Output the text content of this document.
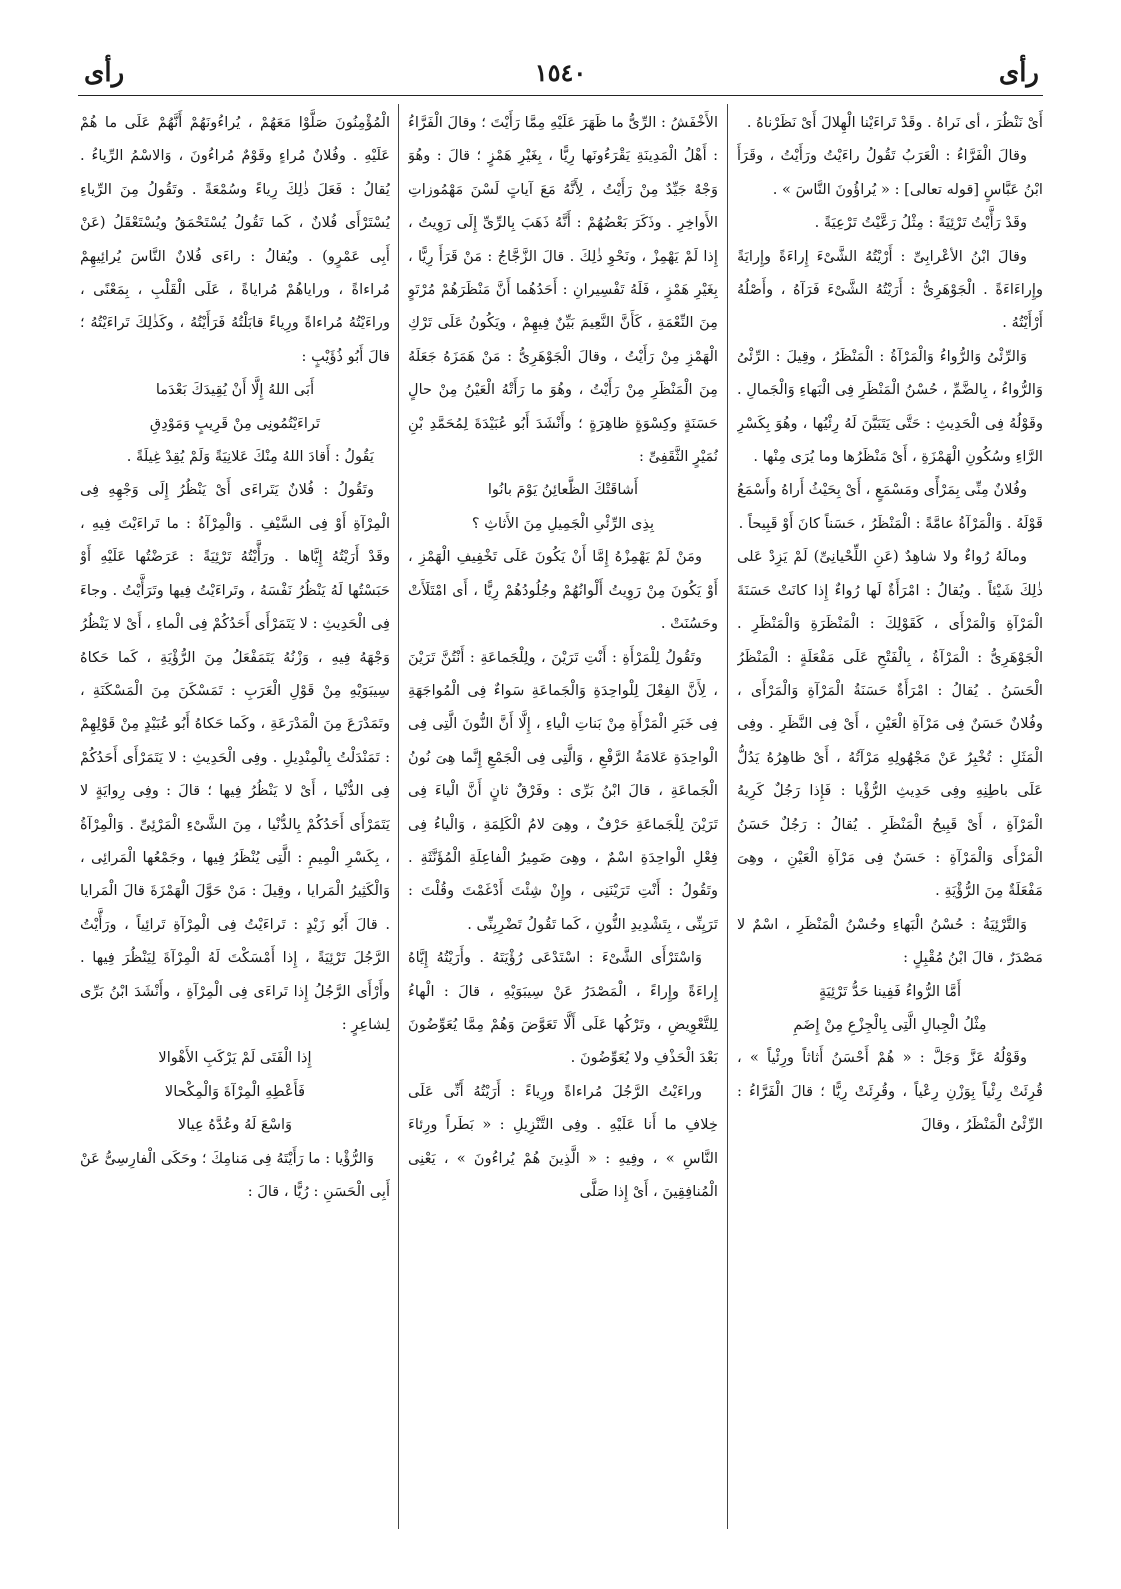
رأى	١٥٤٠	رأى

أَىْ نَنْظُرَ ، أى نَراهُ . وقَدْ تَراءَيْنا الْهِلالَ أَىْ نَظَرْناهُ .

وقالَ الْفَرَّاءُ : الْعَرَبُ تَقُولُ راءَيْتُ ورَأَيْتُ ، وقَرَأَ ابْنُ عَبَّاسٍ [قوله تعالى] : « يُراؤُونَ النَّاسَ » .

وقَدْ رَأَّيْتُ تَرْئِيَةً : مِثْلُ رَعَّيْتُ تَرْعِيَةً .

وقالَ ابْنُ الأعْرابِىِّ : أَرْيْتُهُ الشَّىْءَ إِراءَةً وإِرايَةً وإِراءَاءَةً . الْجَوْهَرِىُّ : أَرَيْتُهُ الشَّىْءَ فَرَآهُ ، وأَصْلُهُ أَرْأَيْتُهُ .

وَالرِّئْىُ وَالرُّواءُ وَالْمَرْآةُ : الْمَنْظَرُ ، وقِيلَ : الرِّئْىُ وَالرُّواءُ ، بِالضَّمِّ ، حُسْنُ الْمَنْظَرِ فِى الْبَهاءِ وَالْجَمالِ . وقَوْلُهُ فِى الْحَدِيثِ : حَتَّى يَتَبَيَّنَ لَهُ رِئْيُها ، وهُوَ بِكَسْرِ الرَّاءِ وسُكُونِ الْهَمْزَةِ ، أَىْ مَنْظَرُها وما يُرَى مِنْها .

وفُلانٌ مِنِّى بِمَرْأًى ومَسْمَعٍ ، أَىْ بِحَيْثُ أَراهُ وأَسْمَعُ قَوْلَهُ . وَالْمَرْآةُ عامَّةً : الْمَنْظَرُ ، حَسَناً كانَ أَوْ قَبِيحاً .

ومالَهُ رُواءٌ ولا شاهِدٌ (عَنِ اللِّحْيانِىِّ) لَمْ يَزِدْ عَلى ذٰلِكَ شَيْئاً . ويُقالُ : امْرَأَةٌ لَها رُواءٌ إِذا كانَتْ حَسَنَةَ الْمَرْآةِ وَالْمَرْأَى ، كَقَوْلِكَ : الْمَنْظَرَةِ وَالْمَنْظَرِ . الْجَوْهَرِىُّ : الْمَرْآةُ ، بِالْفَتْحِ عَلَى مَفْعَلَةٍ : الْمَنْظَرُ الْحَسَنُ . يُقالُ : امْرَأَةٌ حَسَنَةُ الْمَرْآةِ وَالْمَرْأَى ، وفُلانٌ حَسَنٌ فِى مَرْآةِ الْعَيْنِ ، أَىْ فِى النَّظَرِ . وفِى الْمَثَلِ : تُخْبِرُ عَنْ مَجْهُولِهِ مَرْآتُهُ ، أَىْ ظاهِرُهُ يَدُلُّ عَلَى باطِنِهِ وفِى حَدِيثِ الرُّؤْيا : فَإِذا رَجُلٌ كَرِيهُ الْمَرْآةِ ، أَىْ قَبِيحُ الْمَنْظَرِ . يُقالُ : رَجُلٌ حَسَنُ الْمَرْأَى وَالْمَرْآةِ : حَسَنٌ فِى مَرْآةِ الْعَيْنِ ، وهِىَ مَفْعَلَةٌ مِنَ الرُّؤْيَةِ .

وَالتَّرْئِيَةُ : حُسْنُ الْبَهاءِ وحُسْنُ الْمَنْظَرِ ، اسْمٌ لا مَصْدَرٌ ، قالَ ابْنُ مُقْبِلٍ :

أَمَّا الرُّواءُ فَفِينا حَدُّ تَرْئِيَةٍ

مِثْلُ الْجِبالِ الَّتِى بِالْجِزْعِ مِنْ إِضَمِ

وقَوْلُهُ عَزَّ وَجَلَّ : « هُمْ أَحْسَنُ أَثاثاً ورِئْياً » ، قُرِئَتْ رِئْياً بِوَزْنِ رِعْياً ، وقُرِئَتْ رِيًّا ؛ قالَ الْفَرَّاءُ : الرِّئْىُ الْمَنْظَرُ ، وقالَ

الأَخْفَشُ : الرِّىُّ ما ظَهَرَ عَلَيْهِ مِمَّا رَأَيْتَ ؛ وقالَ الْفَرَّاءُ : أَهْلُ الْمَدِينَةِ يَقْرَءُونَها رِيًّا ، بِغَيْرِ هَمْزٍ ؛ قالَ : وهُوَ وَجْهٌ جَيِّدٌ مِنْ رَأَيْتُ ، لِأَنَّهُ مَعَ آياتٍ لَسْنَ مَهْمُوزاتِ الأَواخِرِ . وذَكَرَ بَعْضُهُمْ : أَنَّهُ ذَهَبَ بِالرِّىِّ إِلَى رَوِيتُ ، إِذا لَمْ يَهْمِزْ ، ونَحْوِ ذٰلِكَ . قالَ الزَّجَّاجُ : مَنْ قَرَأَ رِيًّا ، بِغَيْرِ هَمْزٍ ، فَلَهُ تَفْسِيرانِ : أَحَدُهُما أَنَّ مَنْظَرَهُمْ مُرْتَوٍ مِنَ النِّعْمَةِ ، كَأَنَّ النَّعِيمَ بَيِّنٌ فِيهِمْ ، ويَكُونُ عَلَى تَرْكِ الْهَمْزِ مِنْ رَأَيْتُ ، وقالَ الْجَوْهَرِىُّ : مَنْ هَمَزَهُ جَعَلَهُ مِنَ الْمَنْظَرِ مِنْ رَأَيْتُ ، وهُوَ ما رَأَتْهُ الْعَيْنُ مِنْ حالٍ حَسَنَةٍ وكِسْوَةٍ ظاهِرَةٍ ؛ وأَنْشَدَ أَبُو عُبَيْدَةَ لِمُحَمَّدِ بْنِ نُمَيْرٍ الثَّقَفِىِّ :

أَشاقَتْكَ الظَّعائِنُ يَوْمَ بانُوا

بِذِى الرِّئْىِ الْجَمِيلِ مِنَ الأَثاثِ ؟

ومَنْ لَمْ يَهْمِزْهُ إِمَّا أَنْ يَكُونَ عَلَى تَخْفِيفِ الْهَمْزِ ، أَوْ يَكُونَ مِنْ رَوِيتُ أَلْوانُهُمْ وجُلُودُهُمْ رِيًّا ، أَى امْتَلَأَتْ وحَسُنَتْ .

وتَقُولُ لِلْمَرْأَةِ : أَنْتِ تَرَيْنَ ، ولِلْجَماعَةِ : أَنْتُنَّ تَرَيْنَ ، لِأَنَّ الفِعْلَ لِلْواحِدَةِ وَالْجَماعَةِ سَواءٌ فِى الْمُواجَهَةِ فِى خَبَرِ الْمَرْأَةِ مِنْ بَناتِ الْياءِ ، إِلَّا أَنَّ النُّونَ الَّتِى فِى الْواحِدَةِ عَلامَةُ الرَّفْعِ ، وَالَّتِى فِى الْجَمْعِ إِنَّما هِىَ نُونُ الْجَماعَةِ ، قالَ ابْنُ بَرِّى : وفَرْقٌ ثانٍ أَنَّ الْياءَ فِى تَرَيْنَ لِلْجَماعَةِ حَرْفٌ ، وهِىَ لامُ الْكَلِمَةِ ، وَالْياءُ فِى فِعْلِ الْواحِدَةِ اسْمٌ ، وهِىَ ضَمِيرُ الْفاعِلَةِ الْمُؤَنَّثَةِ . وتَقُولُ : أَنْتِ تَرَيْنَنِى ، وإِنْ شِئْتَ أَدْغَمْتَ وقُلْتَ : تَرَيِنِّى ، بِتَشْدِيدِ النُّونِ ، كَما تَقُولُ تَضْرِبِنِّى .

وَاسْتَرْأَى الشَّىْءَ : اسْتَدْعَى رُؤْيَتَهُ . وأَرَيْتُهُ إِيَّاهُ إِراءَةً وإِراءً ، الْمَصْدَرُ عَنْ سِيبَوَيْهِ ، قالَ : الْهاءُ لِلتَّعْوِيضِ ، وتَرْكُها عَلَى أَلَّا تَعَوَّضَ وَهُمْ مِمَّا يُعَوِّضُونَ بَعْدَ الْحَذْفِ ولا يُعَوِّضُونَ .

وراءَيْتُ الرَّجُلَ مُراءاةً ورِياءً : أَرَيْتُهُ أَنِّى عَلَى خِلافِ ما أَنا عَلَيْهِ . وفِى التَّنْزِيلِ : « بَطَراً ورِئاءَ النَّاسِ » ، وفِيهِ : « الَّذِينَ هُمْ يُراءُونَ » ، يَعْنِى الْمُنافِقِينَ ، أَىْ إِذا صَلَّى

الْمُؤْمِنُونَ صَلَّوْا مَعَهُمْ ، يُراءُونَهُمْ أَنَّهُمْ عَلَى ما هُمْ عَلَيْهِ . وفُلانٌ مُراءٍ وقَوْمٌ مُراءُونَ ، وَالاسْمُ الرِّياءُ . يُقالُ : فَعَلَ ذٰلِكَ رِياءً وسُمْعَةً . وتَقُولُ مِنَ الرِّياءِ يُسْتَرْأَى فُلانٌ ، كَما تَقُولُ يُسْتَحْمَقُ ويُسْتَعْقَلُ (عَنْ أَبِى عَمْرٍو) . ويُقالُ : راءَى فُلانٌ النَّاسَ يُرائِيهِمْ مُراءاةً ، وراياهُمْ مُراياةً ، عَلَى الْقَلْبِ ، بِمَعْنًى ، وراءَيْتُهُ مُراءاةً ورِياءً قابَلْتُهُ فَرَأَيْتُهُ ، وكَذٰلِكَ تَراءَيْتُهُ ؛ قالَ أَبُو ذُؤَيْبٍ :

أَبَى اللهُ إِلَّا أَنْ يُقِيدَكَ بَعْدَما

تَراءَيْتُمُونِى مِنْ قَرِيبٍ وَمَوْدِقِ

يَقُولُ : أَقادَ اللهُ مِنْكَ عَلانِيَةً وَلَمْ يُقِدْ غِيلَةً .

وتَقُولُ : فُلانٌ يَتَراءَى أَىْ يَنْظُرُ إِلَى وَجْهِهِ فِى الْمِرْآةِ أَوْ فِى السَّيْفِ . وَالْمِرْآةُ : ما تَراءَيْتَ فِيهِ ، وقَدْ أَرَيْتُهُ إِيَّاها . ورَأَّيْتُهُ تَرْئِيَةً : عَرَضْتُها عَلَيْهِ أَوْ حَبَسْتُها لَهُ يَنْظُرُ نَفْسَهُ ، وتَراءَيْتُ فِيها وتَرَأَّيْتُ . وجاءَ فِى الْحَدِيثِ : لا يَتَمَرْأَى أَحَدُكُمْ فِى الْماءِ ، أَىْ لا يَنْظُرُ وَجْهَهُ فِيهِ ، وَزْنُهُ يَتَمَفْعَلُ مِنَ الرُّؤْيَةِ ، كَما حَكاهُ سِيبَوَيْهِ مِنْ قَوْلِ الْعَرَبِ : تَمَسْكَنَ مِنَ الْمَسْكَنَةِ ، وتَمَدْرَعَ مِنَ الْمَدْرَعَةِ ، وكَما حَكاهُ أَبُو عُبَيْدٍ مِنْ قَوْلِهِمْ : تَمَنْدَلْتُ بِالْمِنْدِيلِ . وفِى الْحَدِيثِ : لا يَتَمَرْأَى أَحَدُكُمْ فِى الدُّنْيا ، أَىْ لا يَنْظُرُ فِيها ؛ قالَ : وفِى رِوايَةٍ لا يَتَمَرْأَى أَحَدُكُمْ بِالدُّنْيا ، مِنَ الشَّىْءِ الْمَرْئِىِّ . وَالْمِرْآةُ ، بِكَسْرِ الْمِيمِ : الَّتِى يُنْظَرُ فِيها ، وجَمْعُها الْمَرائِى ، وَالْكَثِيرُ الْمَرايا ، وقِيلَ : مَنْ حَوَّلَ الْهَمْزَةَ قالَ الْمَرايا . قالَ أَبُو زَيْدٍ : تَراءَيْتُ فِى الْمِرْآةِ تَرائِياً ، ورَأَّيْتُ الرَّجُلَ تَرْئِيَةً ، إِذا أَمْسَكْتَ لَهُ الْمِرْآةَ لِيَنْظُرَ فِيها . وأَرْأَى الرَّجُلُ إِذا تَراءَى فِى الْمِرْآةِ ، وأَنْشَدَ ابْنُ بَرِّى لِشاعِرٍ :

إِذا الْفَتَى لَمْ يَرْكَبِ الأَهْوالا

فَأَعْطِهِ الْمِرْآةَ وَالْمِكْحالا

وَاسْعَ لَهُ وعُدَّهُ عِيالا

وَالرُّؤْيا : ما رَأَيْتَهُ فِى مَنامِكَ ؛ وحَكَى الْفارِسِىُّ عَنْ أَبِى الْحَسَنِ : رُيًّا ، قالَ :
